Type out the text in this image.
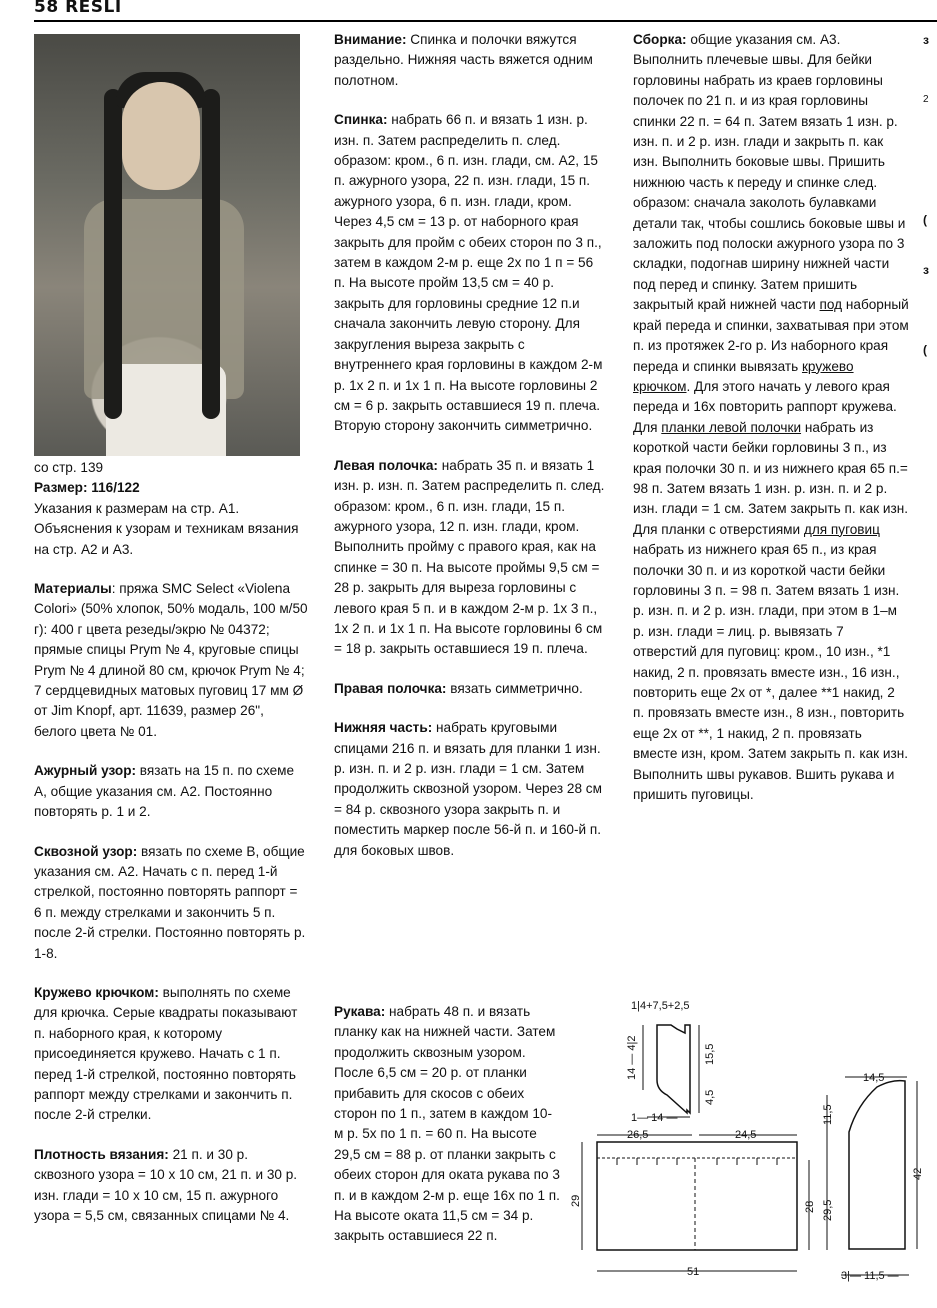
58 RESLI
со стр. 139
Размер: 116/122

Указания к размерам на стр. А1. Объяснения к узорам и техникам вязания на стр. А2 и А3.

Материалы: пряжа SMC Select «Violena Colori» (50% хлопок, 50% модаль, 100 м/50 г): 400 г цвета резеды/экрю № 04372; прямые спицы Prym № 4, круговые спицы Prym № 4 длиной 80 см, крючок Prym № 4; 7 сердцевидных матовых пуговиц 17 мм Ø от Jim Knopf, арт. 11639, размер 26", белого цвета № 01.

Ажурный узор: вязать на 15 п. по схеме А, общие указания см. А2. Постоянно повторять р. 1 и 2.

Сквозной узор: вязать по схеме В, общие указания см. А2. Начать с п. перед 1-й стрелкой, постоянно повторять раппорт = 6 п. между стрелками и закончить 5 п. после 2-й стрелки. Постоянно повторять р. 1-8.

Кружево крючком: выполнять по схеме для крючка. Серые квадраты показывают п. наборного края, к которому присоединяется кружево. Начать с 1 п. перед 1-й стрелкой, постоянно повторять раппорт между стрелками и закончить п. после 2-й стрелки.

Плотность вязания: 21 п. и 30 р. сквозного узора = 10 х 10 см, 21 п. и 30 р. изн. глади = 10 х 10 см, 15 п. ажурного узора = 5,5 см, связанных спицами № 4.

Внимание: Спинка и полочки вяжутся раздельно. Нижняя часть вяжется одним полотном.

Спинка: набрать 66 п. и вязать 1 изн. р. изн. п. Затем распределить п. след. образом: кром., 6 п. изн. глади, см. А2, 15 п. ажурного узора, 22 п. изн. глади, 15 п. ажурного узора, 6 п. изн. глади, кром. Через 4,5 см = 13 р. от наборного края закрыть для пройм с обеих сторон по 3 п., затем в каждом 2-м р. еще 2х по 1 п = 56 п. На высоте пройм 13,5 см = 40 р. закрыть для горловины средние 12 п.и сначала закончить левую сторону. Для закругления выреза закрыть с внутреннего края горловины в каждом 2-м р. 1х 2 п. и 1х 1 п. На высоте горловины 2 см = 6 р. закрыть оставшиеся 19 п. плеча. Вторую сторону закончить симметрично.

Левая полочка: набрать 35 п. и вязать 1 изн. р. изн. п. Затем распределить п. след. образом: кром., 6 п. изн. глади, 15 п. ажурного узора, 12 п. изн. глади, кром. Выполнить пройму с правого края, как на спинке = 30 п. На высоте проймы 9,5 см = 28 р. закрыть для выреза горловины с левого края 5 п. и в каждом 2-м р. 1х 3 п., 1х 2 п. и 1х 1 п. На высоте горловины 6 см = 18 р. закрыть оставшиеся 19 п. плеча.

Правая полочка: вязать симметрично.

Нижняя часть: набрать круговыми спицами 216 п. и вязать для планки 1 изн. р. изн. п. и 2 р. изн. глади = 1 см. Затем продолжить сквозной узором. Через 28 см = 84 р. сквозного узора закрыть п. и поместить маркер после 56-й п. и 160-й п. для боковых швов.

Рукава: набрать 48 п. и вязать планку как на нижней части. Затем продолжить сквозным узором. После 6,5 см = 20 р. от планки прибавить для скосов с обеих сторон по 1 п., затем в каждом 10-м р. 5х по 1 п. = 60 п. На высоте 29,5 см = 88 р. от планки закрыть с обеих сторон для оката рукава по 3 п. и в каждом 2-м р. еще 16х по 1 п. На высоте оката 11,5 см = 34 р. закрыть оставшиеся 22 п.

Сборка: общие указания см. А3. Выполнить плечевые швы. Для бейки горловины набрать из краев горловины полочек по 21 п. и из края горловины спинки 22 п. = 64 п. Затем вязать 1 изн. р. изн. п. и 2 р. изн. глади и закрыть п. как изн. Выполнить боковые швы. Пришить нижнюю часть к переду и спинке след. образом: сначала заколоть булавками детали так, чтобы сошлись боковые швы и заложить под полоски ажурного узора по 3 складки, подогнав ширину нижней части под перед и спинку. Затем пришить закрытый край нижней части под наборный край переда и спинки, захватывая при этом п. из протяжек 2-го р. Из наборного края переда и спинки вывязать кружево крючком. Для этого начать у левого края переда и 16х повторить раппорт кружева. Для планки левой полочки набрать из короткой части бейки горловины 3 п., из края полочки 30 п. и из нижнего края 65 п.= 98 п. Затем вязать 1 изн. р. изн. п. и 2 р. изн. глади = 1 см. Затем закрыть п. как изн. Для планки с отверстиями для пуговиц набрать из нижнего края 65 п., из края полочки 30 п. и из короткой части бейки горловины 3 п. = 98 п. Затем вязать 1 изн. р. изн. п. и 2 р. изн. глади, при этом в 1–м р. изн. глади = лиц. р. вывязать 7 отверстий для пуговиц: кром., 10 изн., *1 накид, 2 п. провязать вместе изн., 16 изн., повторить еще 2х от *, далее **1 накид, 2 п. провязать вместе изн., 8 изн., повторить еще 2х от **, 1 накид, 2 п. провязать вместе изн, кром. Затем закрыть п. как изн. Выполнить швы рукавов. Вшить рукава и пришить пуговицы.

з
2
(
з
(
1|4+7,5+2,5
14 — 4|2	15,5
4,5
1— 14 —
26,5	24,5
29	28 29,5
11,5
51
14,5
42
3|— 11,5 —
